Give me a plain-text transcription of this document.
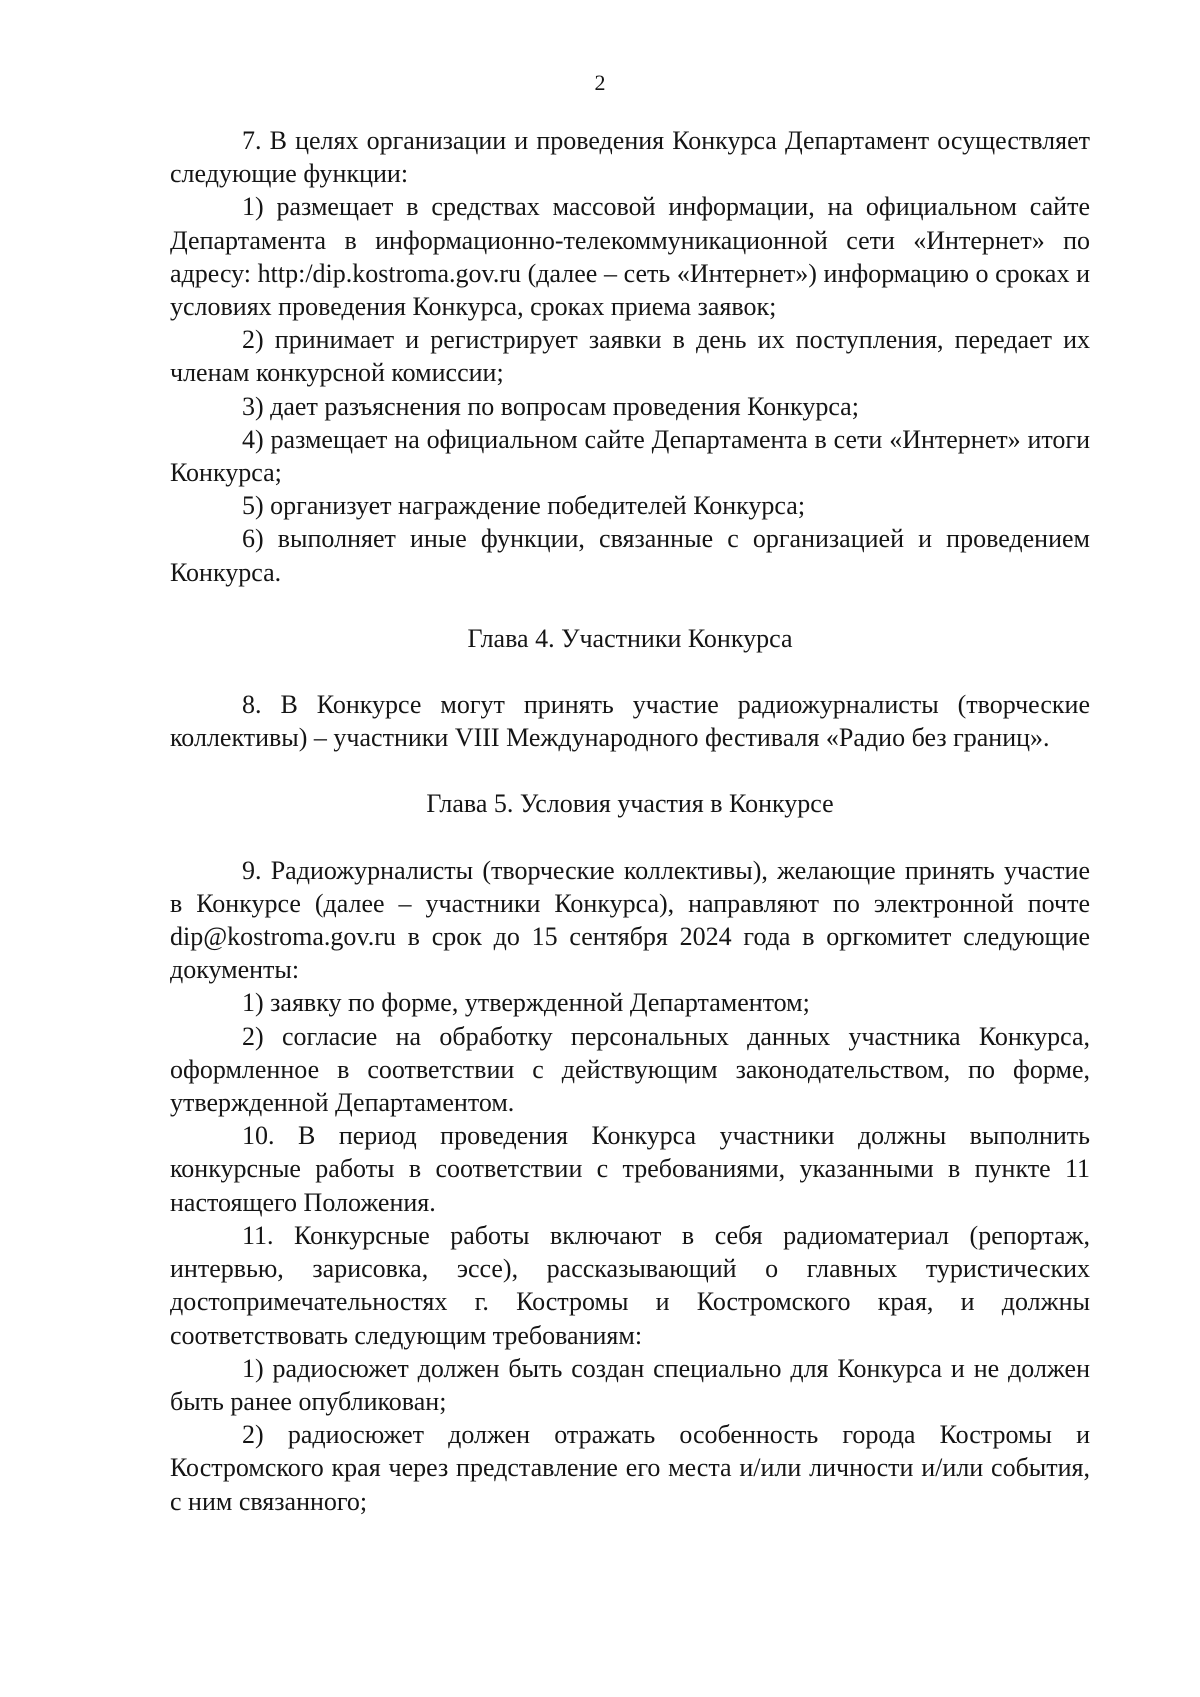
2

7. В целях организации и проведения Конкурса Департамент осуществляет следующие функции:

1) размещает в средствах массовой информации, на официальном сайте Департамента в информационно-телекоммуникационной сети «Интернет» по адресу: http:/dip.kostroma.gov.ru (далее – сеть «Интернет») информацию о сроках и условиях проведения Конкурса, сроках приема заявок;

2) принимает и регистрирует заявки в день их поступления, передает их членам конкурсной комиссии;

3) дает разъяснения по вопросам проведения Конкурса;

4) размещает на официальном сайте Департамента в сети «Интернет» итоги Конкурса;

5) организует награждение победителей Конкурса;

6) выполняет иные функции, связанные с организацией и проведением Конкурса.

Глава 4. Участники Конкурса

8. В Конкурсе могут принять участие радиожурналисты (творческие коллективы) – участники VIII Международного фестиваля «Радио без границ».

Глава 5. Условия участия в Конкурсе

9. Радиожурналисты (творческие коллективы), желающие принять участие в Конкурсе (далее – участники Конкурса), направляют по электронной почте dip@kostroma.gov.ru в срок до 15 сентября 2024 года в оргкомитет следующие документы:

1) заявку по форме, утвержденной Департаментом;

2) согласие на обработку персональных данных участника Конкурса, оформленное в соответствии с действующим законодательством, по форме, утвержденной Департаментом.

10. В период проведения Конкурса участники должны выполнить конкурсные работы в соответствии с требованиями, указанными в пункте 11 настоящего Положения.

11. Конкурсные работы включают в себя радиоматериал (репортаж, интервью, зарисовка, эссе), рассказывающий о главных туристических достопримечательностях г. Костромы и Костромского края, и должны соответствовать следующим требованиям:

1) радиосюжет должен быть создан специально для Конкурса и не должен быть ранее опубликован;

2) радиосюжет должен отражать особенность города Костромы и Костромского края через представление его места и/или личности и/или события, с ним связанного;
